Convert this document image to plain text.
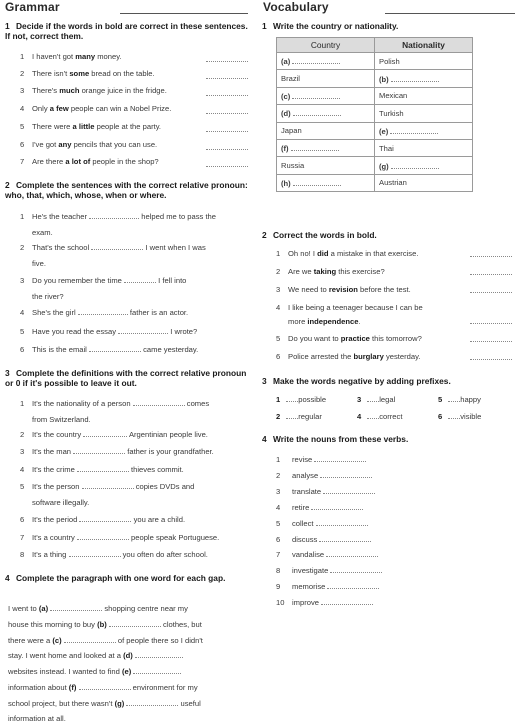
Grammar	Vocabulary
1 Decide if the words in bold are correct in these sentences. If not, correct them.
1 I haven't got many money.
2 There isn't some bread on the table.
3 There's much orange juice in the fridge.
4 Only a few people can win a Nobel Prize.
5 There were a little people at the party.
6 I've got any pencils that you can use.
7 Are there a lot of people in the shop?
2 Complete the sentences with the correct relative pronoun: who, that, which, whose, when or where.
1 He's the teacher	helped me to pass the
exam.
2 That's the school	I went when I was
five.
3 Do you remember the time	I fell into
the river?
4 She's the girl	father is an actor.
5 Have you read the essay	I wrote?
6 This is the email	came yesterday.
3 Complete the definitions with the correct relative pronoun or 0 if it's possible to leave it out.
1 It's the nationality of a person	comes
from Switzerland.
2 It's the country	Argentinian people live.
3 It's the man	father is your grandfather.
4 It's the crime	thieves commit.
5 It's the person	copies DVDs and
software illegally.
6 It's the period	you are a child.
7 It's a country	people speak Portuguese.
8 It's a thing	you often do after school.
4 Complete the paragraph with one word for each gap.
I went to (a)	shopping centre near my
house this morning to buy (b)	clothes, but
there were a (c)	of people there so I didn't
stay. I went home and looked at a (d)
websites instead. I wanted to find (e)
information about (f)	environment for my
school project, but there wasn't (g)	useful
information at all.
1 Write the country or nationality.
Country	Nationality
(a)	Polish
Brazil	(b)
(c)	Mexican
(d)	Turkish
Japan	(e)
(f)	Thai
Russia	(g)
(h)	Austrian
2 Correct the words in bold.
1 Oh no! I did a mistake in that exercise.
2 Are we taking this exercise?
3 We need to revision before the test.
4 I like being a teenager because I can be
more independence.
5 Do you want to practice this tomorrow?
6 Police arrested the burglary yesterday.
3 Make the words negative by adding prefixes.
1 possible	3 legal	5 happy
2 regular	4 correct	6 visible
4 Write the nouns from these verbs.
1 revise
2 analyse
3 translate
4 retire
5 collect
6 discuss
7 vandalise
8 investigate
9 memorise
10 improve
